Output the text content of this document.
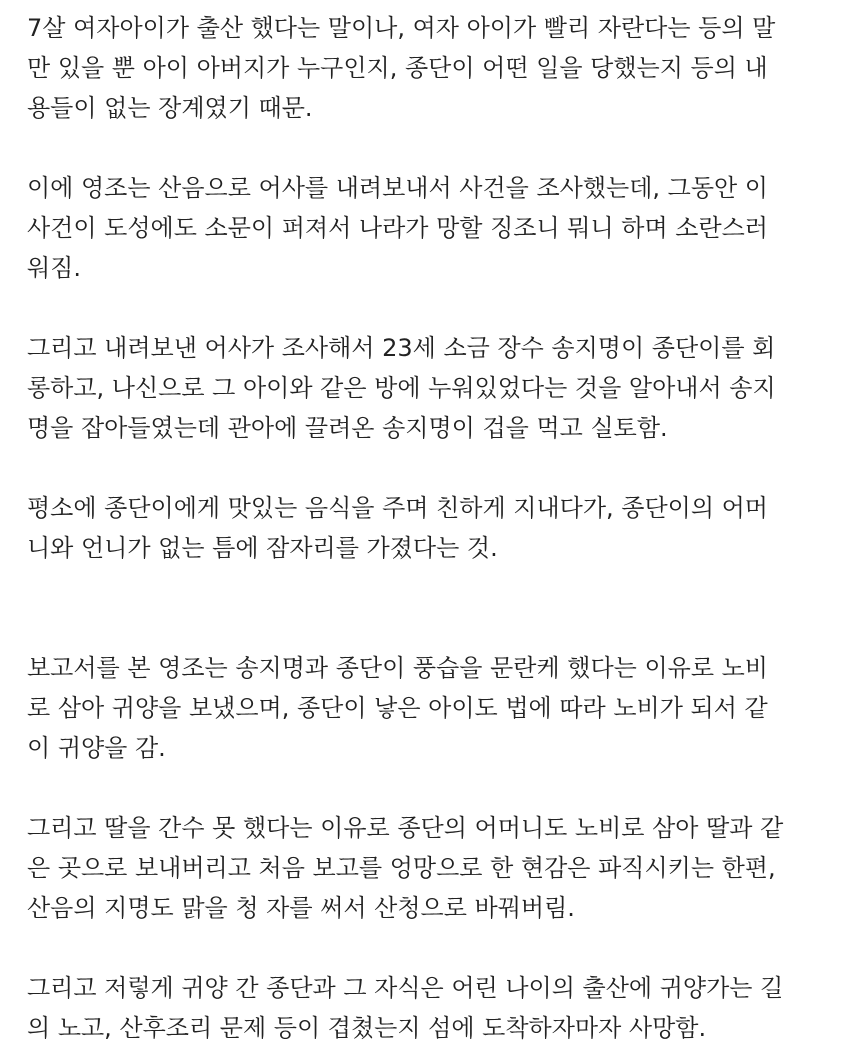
7살 여자아이가 출산 했다는 말이나, 여자 아이가 빨리 자란다는 등의 말
만 있을 뿐 아이 아버지가 누구인지, 종단이 어떤 일을 당했는지 등의 내
용들이 없는 장계였기 때문.
이에 영조는 산음으로 어사를 내려보내서 사건을 조사했는데, 그동안 이
사건이 도성에도 소문이 퍼져서 나라가 망할 징조니 뭐니 하며 소란스러
워짐.
그리고 내려보낸 어사가 조사해서 23세 소금 장수 송지명이 종단이를 회
롱하고, 나신으로 그 아이와 같은 방에 누워있었다는 것을 알아내서 송지
명을 잡아들였는데 관아에 끌려온 송지명이 겁을 먹고 실토함.
평소에 종단이에게 맛있는 음식을 주며 친하게 지내다가, 종단이의 어머
니와 언니가 없는 틈에 잠자리를 가졌다는 것.
보고서를 본 영조는 송지명과 종단이 풍습을 문란케 했다는 이유로 노비
로 삼아 귀양을 보냈으며, 종단이 낳은 아이도 법에 따라 노비가 되서 같
이 귀양을 감.
그리고 딸을 간수 못 했다는 이유로 종단의 어머니도 노비로 삼아 딸과 같
은 곳으로 보내버리고 처음 보고를 엉망으로 한 현감은 파직시키는 한편,
산음의 지명도 맑을 청 자를 써서 산청으로 바꿔버림.
그리고 저렇게 귀양 간 종단과 그 자식은 어린 나이의 출산에 귀양가는 길
의 노고, 산후조리 문제 등이 겹쳤는지 섬에 도착하자마자 사망함.
